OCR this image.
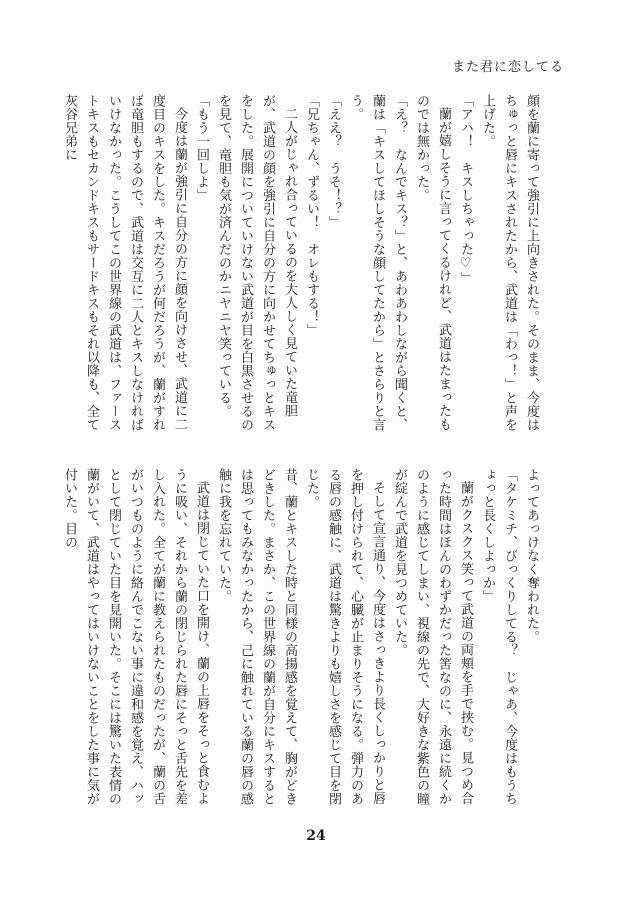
また君に恋してる

顔を蘭に寄って強引に上向きされた。そのまま、今度はちゅっと唇にキスされたから、武道は「わっ！」と声を上げた。

「アハ！　キスしちゃった♡」

蘭が嬉しそうに言ってくるけれど、武道はたまったものでは無かった。

「え？　なんでキス？」と、あわあわしながら聞くと、蘭は「キスしてほしそうな顔してたから」とさらりと言う。

「ええ？　うそ！？」

「兄ちゃん、ずるい！　オレもする！」

二人がじゃれ合っているのを大人しく見ていた竜胆が、武道の顔を強引に自分の方に向かせてちゅっとキスをした。展開についていけない武道が目を白黒させるのを見て、竜胆も気が済んだのかニヤニヤ笑っている。

「もう一回しよ」

今度は蘭が強引に自分の方に顔を向けさせ、武道に二度目のキスをした。キスだろうが何だろうが、蘭がすれば竜胆もするので、武道は交互に二人とキスしなければいけなかった。こうしてこの世界線の武道は、ファーストキスもセカンドキスもサードキスもそれ以降も、全て灰谷兄弟に

よってあっけなく奪われた。

「タケミチ、びっくりしてる？　じゃあ、今度はもうちょっと長くしよっか」

蘭がクスクス笑って武道の両頬を手で挟む。見つめ合った時間はほんのわずかだった筈なのに、永遠に続くかのように感じてしまい、視線の先で、大好きな紫色の瞳が綻んで武道を見つめていた。

そして宣言通り、今度はさっきより長くしっかりと唇を押し付けられて、心臓が止まりそうになる。弾力のある唇の感触に、武道は驚きよりも嬉しさを感じて目を閉じた。

昔、蘭とキスした時と同様の高揚感を覚えて、胸がどきどきした。まさか、この世界線の蘭が自分にキスするとは思ってもみなかったから、己に触れている蘭の唇の感触に我を忘れていた。

武道は閉じていた口を開け、蘭の上唇をそっと食むように吸い、それから蘭の閉じられた唇にそっと舌先を差し入れた。全てが蘭に教えられたものだったが、蘭の舌がいつものように絡んでこない事に違和感を覚え、ハッとして閉じていた目を見開いた。そこには驚いた表情の蘭がいて、武道はやってはいけないことをした事に気が付いた。目の

24
